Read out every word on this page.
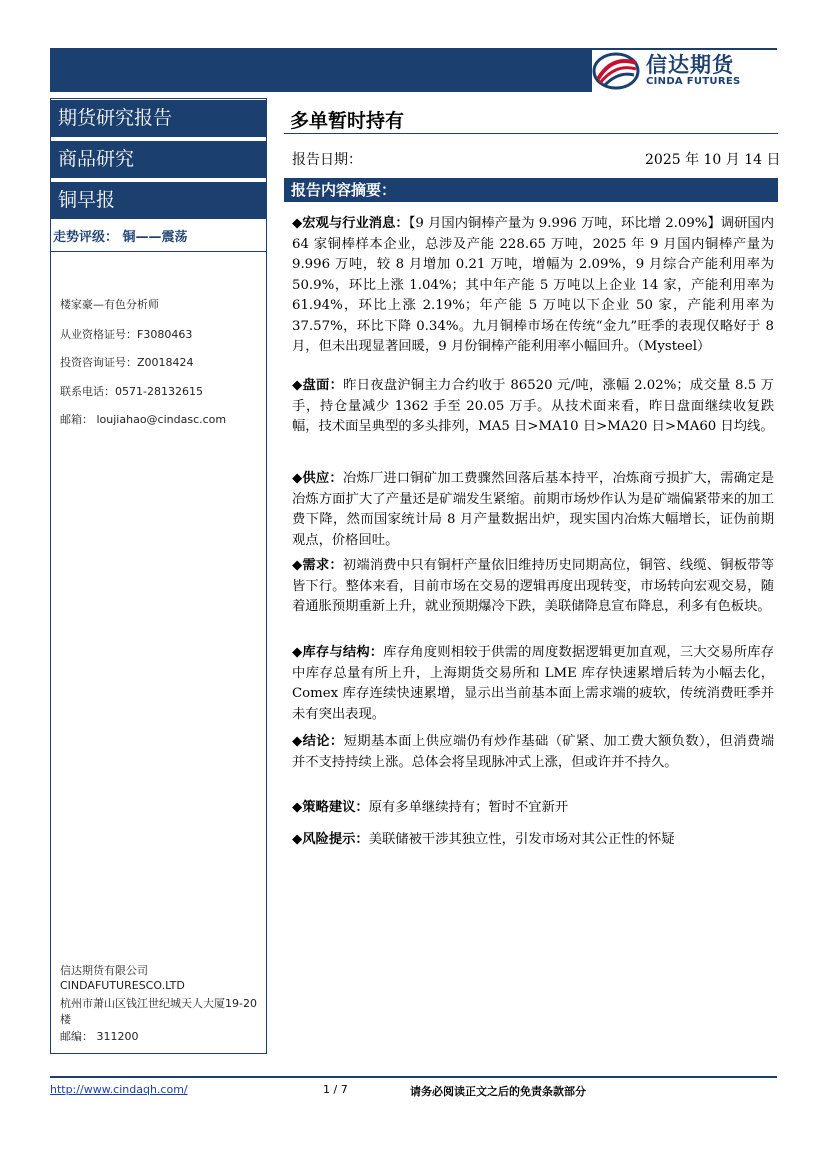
信达期货
CINDA FUTURES
期货研究报告
商品研究
铜早报
走势评级： 铜——震荡
楼家豪—有色分析师
从业资格证号：F3080463
投资咨询证号：Z0018424
联系电话：0571-28132615
邮箱： loujiahao@cindasc.com
信达期货有限公司
CINDAFUTURESCO.LTD
杭州市萧山区钱江世纪城天人大厦19-20
楼
邮编： 311200
多单暂时持有
报告日期：	2025 年 10 月 14 日
报告内容摘要：
◆宏观与行业消息：【9 月国内铜棒产量为 9.996 万吨，环比增 2.09%】调研国内 64 家铜棒样本企业，总涉及产能 228.65 万吨，2025 年 9 月国内铜棒产量为 9.996 万吨，较 8 月增加 0.21 万吨，增幅为 2.09%，9 月综合产能利用率为 50.9%，环比上涨 1.04%；其中年产能 5 万吨以上企业 14 家，产能利用率为 61.94%，环比上涨 2.19%；年产能 5 万吨以下企业 50 家，产能利用率为 37.57%，环比下降 0.34%。九月铜棒市场在传统“金九”旺季的表现仅略好于 8 月，但未出现显著回暖，9 月份铜棒产能利用率小幅回升。（Mysteel）
◆盘面：昨日夜盘沪铜主力合约收于 86520 元/吨，涨幅 2.02%；成交量 8.5 万手，持仓量减少 1362 手至 20.05 万手。从技术面来看，昨日盘面继续收复跌幅，技术面呈典型的多头排列，MA5 日>MA10 日>MA20 日>MA60 日均线。
◆供应：冶炼厂进口铜矿加工费骤然回落后基本持平，冶炼商亏损扩大，需确定是冶炼方面扩大了产量还是矿端发生紧缩。前期市场炒作认为是矿端偏紧带来的加工费下降，然而国家统计局 8 月产量数据出炉，现实国内冶炼大幅增长，证伪前期观点，价格回吐。
◆需求：初端消费中只有铜杆产量依旧维持历史同期高位，铜管、线缆、铜板带等皆下行。整体来看，目前市场在交易的逻辑再度出现转变，市场转向宏观交易，随着通胀预期重新上升，就业预期爆冷下跌，美联储降息宣布降息，利多有色板块。
◆库存与结构：库存角度则相较于供需的周度数据逻辑更加直观，三大交易所库存中库存总量有所上升，上海期货交易所和 LME 库存快速累增后转为小幅去化，Comex 库存连续快速累增，显示出当前基本面上需求端的疲软，传统消费旺季并未有突出表现。
◆结论：短期基本面上供应端仍有炒作基础（矿紧、加工费大额负数），但消费端并不支持持续上涨。总体会将呈现脉冲式上涨，但或许并不持久。
◆策略建议：原有多单继续持有；暂时不宜新开
◆风险提示：美联储被干涉其独立性，引发市场对其公正性的怀疑
http://www.cindaqh.com/	1 / 7	请务必阅读正文之后的免责条款部分
